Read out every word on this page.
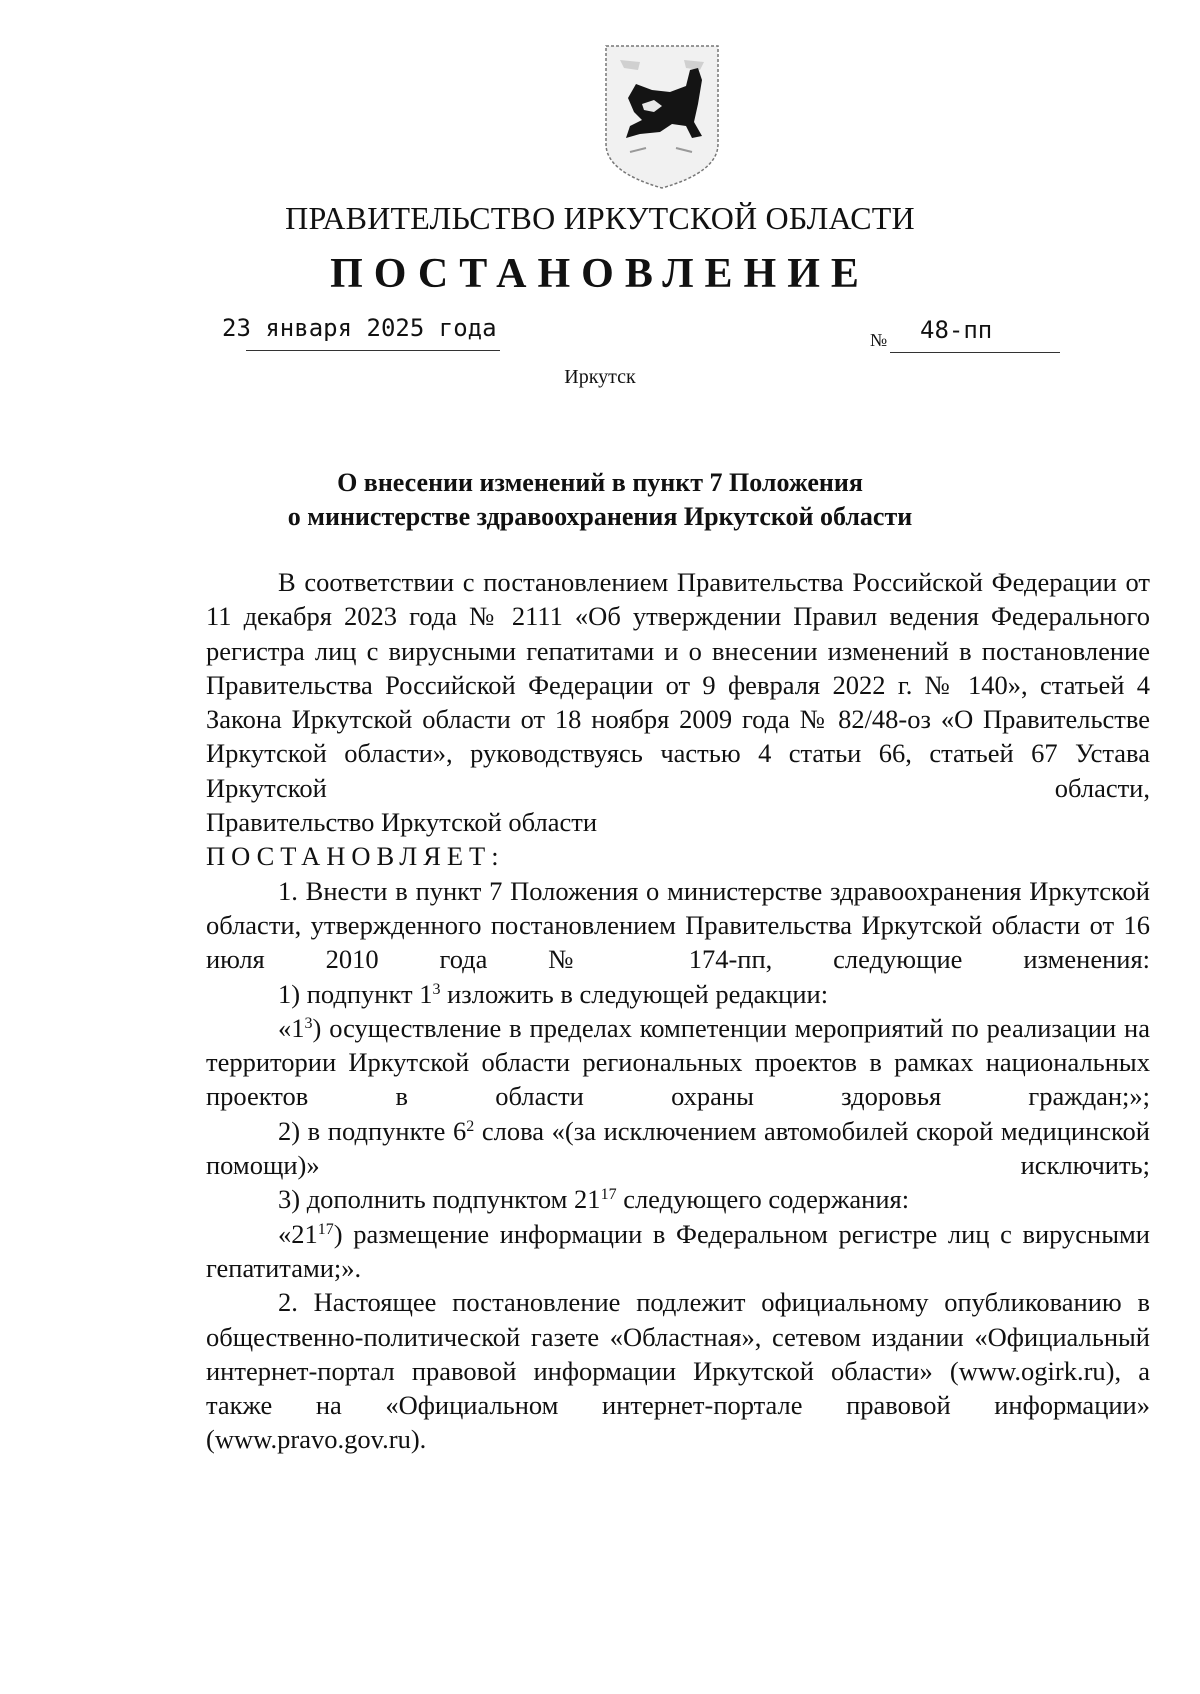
ПРАВИТЕЛЬСТВО ИРКУТСКОЙ ОБЛАСТИ
ПОСТАНОВЛЕНИЕ
23 января 2025 года	№ 48-пп
Иркутск
О внесении изменений в пункт 7 Положения
о министерстве здравоохранения Иркутской области

В соответствии с постановлением Правительства Российской Федерации от 11 декабря 2023 года № 2111 «Об утверждении Правил ведения Федерального регистра лиц с вирусными гепатитами и о внесении изменений в постановление Правительства Российской Федерации от 9 февраля 2022 г. № 140», статьей 4 Закона Иркутской области от 18 ноября 2009 года № 82/48-оз «О Правительстве Иркутской области», руководствуясь частью 4 статьи 66, статьей 67 Устава Иркутской области,

Правительство Иркутской области

ПОСТАНОВЛЯЕТ:

1. Внести в пункт 7 Положения о министерстве здравоохранения Иркутской области, утвержденного постановлением Правительства Иркутской области от 16 июля 2010 года № 174-пп, следующие изменения:

1) подпункт $1^3$ изложить в следующей редакции:

«$1^3$) осуществление в пределах компетенции мероприятий по реализации на территории Иркутской области региональных проектов в рамках национальных проектов в области охраны здоровья граждан;»;

2) в подпункте $6^2$ слова «(за исключением автомобилей скорой медицинской помощи)» исключить;

3) дополнить подпунктом $21^{17}$ следующего содержания:

«$21^{17}$) размещение информации в Федеральном регистре лиц с вирусными гепатитами;».

2. Настоящее постановление подлежит официальному опубликованию в общественно-политической газете «Областная», сетевом издании «Официальный интернет-портал правовой информации Иркутской области» (www.ogirk.ru), а также на «Официальном интернет-портале правовой информации» (www.pravo.gov.ru).
